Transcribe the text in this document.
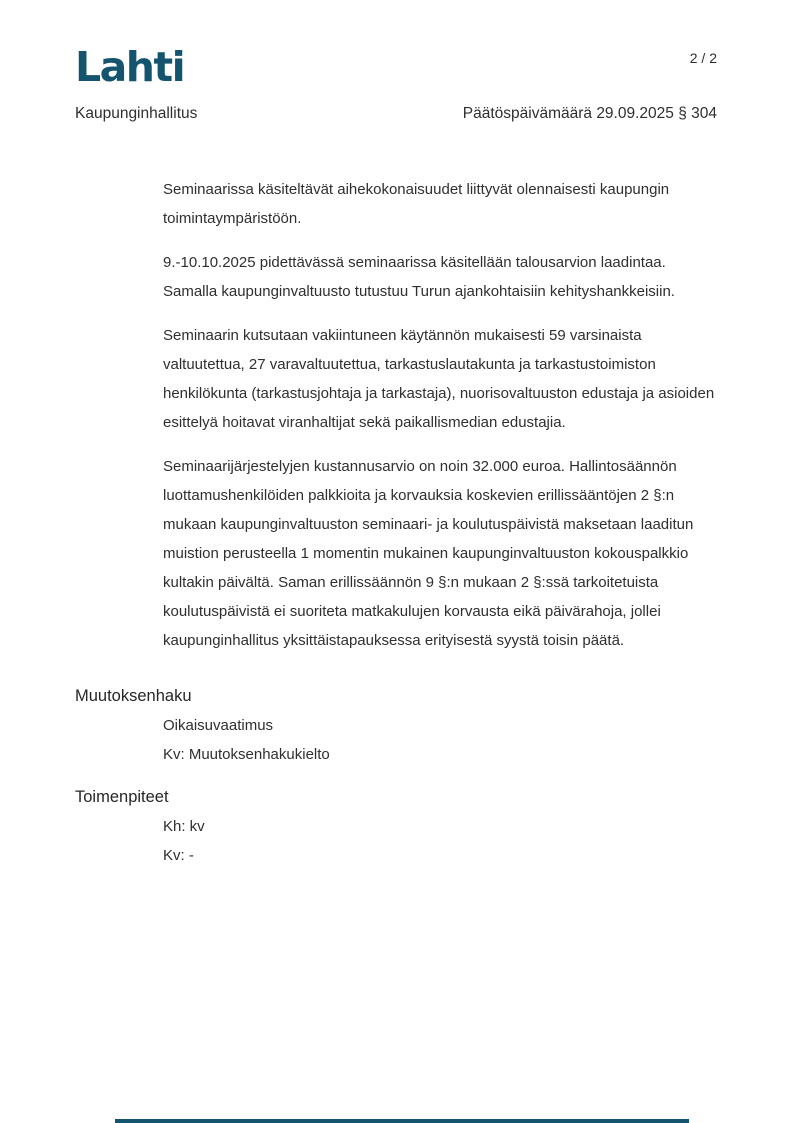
Lahti	2 / 2
Kaupunginhallitus	Päätöspäivämäärä 29.09.2025 § 304

Seminaarissa käsiteltävät aihekokonaisuudet liittyvät olennaisesti kaupungin toimintaympäristöön.

9.-10.10.2025 pidettävässä seminaarissa käsitellään talousarvion laadintaa. Samalla kaupunginvaltuusto tutustuu Turun ajankohtaisiin kehityshankkeisiin.

Seminaarin kutsutaan vakiintuneen käytännön mukaisesti 59 varsinaista valtuutettua, 27 varavaltuutettua, tarkastuslautakunta ja tarkastustoimiston henkilökunta (tarkastusjohtaja ja tarkastaja), nuorisovaltuuston edustaja ja asioiden esittelyä hoitavat viranhaltijat sekä paikallismedian edustajia.

Seminaarijärjestelyjen kustannusarvio on noin 32.000 euroa. Hallintosäännön luottamushenkilöiden palkkioita ja korvauksia koskevien erillissääntöjen 2 §:n mukaan kaupunginvaltuuston seminaari- ja koulutuspäivistä maksetaan laaditun muistion perusteella 1 momentin mukainen kaupunginvaltuuston kokouspalkkio kultakin päivältä. Saman erillissäännön 9 §:n mukaan 2 §:ssä tarkoitetuista koulutuspäivistä ei suoriteta matkakulujen korvausta eikä päivärahoja, jollei kaupunginhallitus yksittäistapauksessa erityisestä syystä toisin päätä.

Muutoksenhaku

Oikaisuvaatimus

Kv: Muutoksenhakukielto

Toimenpiteet

Kh: kv

Kv: -
